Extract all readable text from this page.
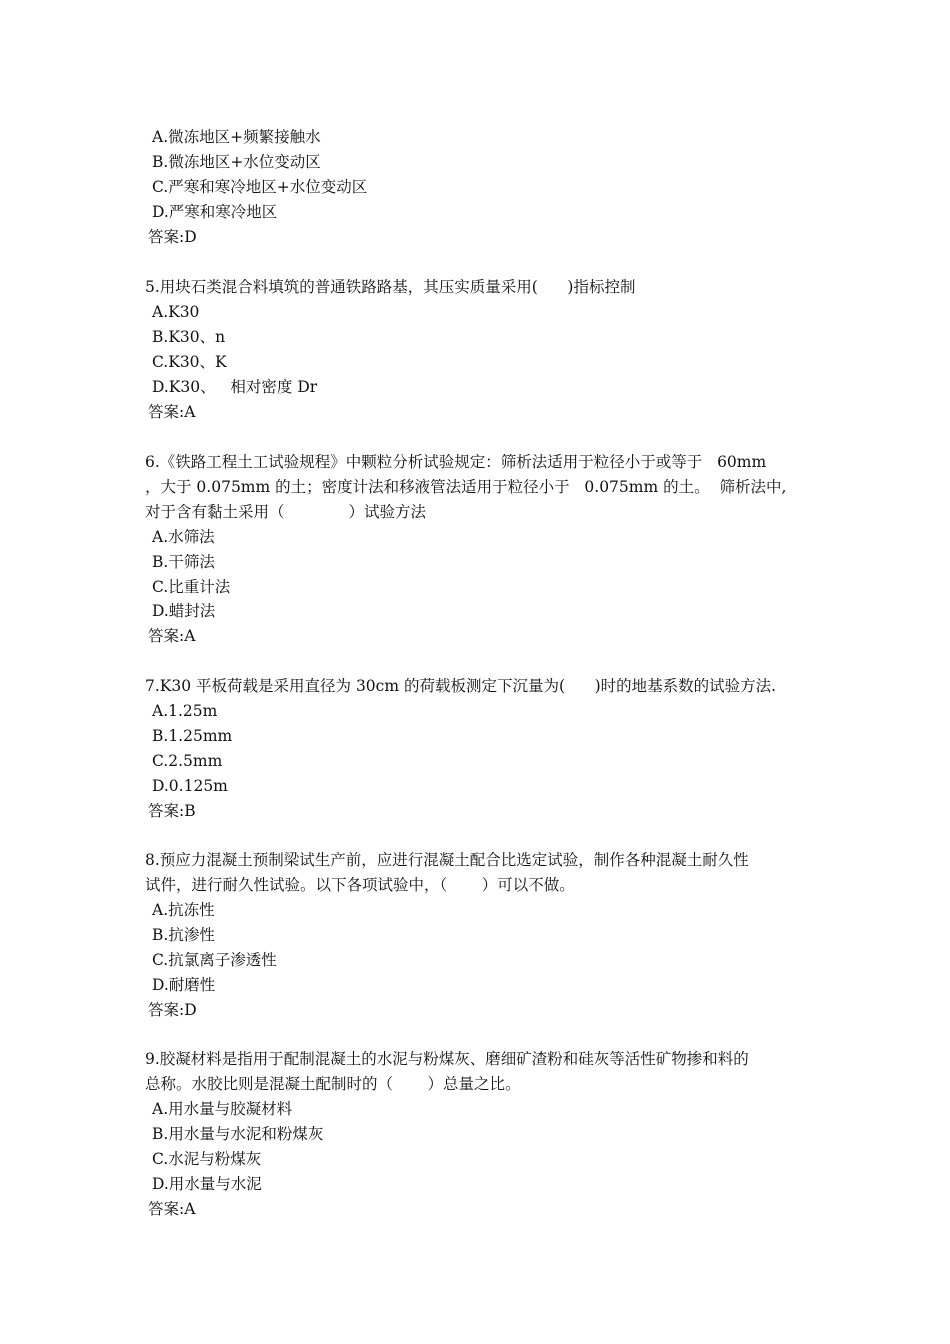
A.微冻地区+频繁接触水
B.微冻地区+水位变动区
C.严寒和寒冷地区+水位变动区
D.严寒和寒冷地区
答案:D
5.用块石类混合料填筑的普通铁路路基，其压实质量采用(      )指标控制
A.K30
B.K30、n
C.K30、K
D.K30、   相对密度 Dr
答案:A
6.《铁路工程土工试验规程》中颗粒分析试验规定：筛析法适用于粒径小于或等于   60mm
，大于 0.075mm 的土；密度计法和移液管法适用于粒径小于   0.075mm 的土。  筛析法中,
对于含有黏土采用（             ）试验方法
A.水筛法
B.干筛法
C.比重计法
D.蜡封法
答案:A
7.K30 平板荷载是采用直径为 30cm 的荷载板测定下沉量为(      )时的地基系数的试验方法.
A.1.25m
B.1.25mm
C.2.5mm
D.0.125m
答案:B
8.预应力混凝土预制梁试生产前，应进行混凝土配合比选定试验，制作各种混凝土耐久性
试件，进行耐久性试验。以下各项试验中，（       ）可以不做。
A.抗冻性
B.抗渗性
C.抗氯离子渗透性
D.耐磨性
答案:D
9.胶凝材料是指用于配制混凝土的水泥与粉煤灰、磨细矿渣粉和硅灰等活性矿物掺和料的
总称。水胶比则是混凝土配制时的（       ）总量之比。
A.用水量与胶凝材料
B.用水量与水泥和粉煤灰
C.水泥与粉煤灰
D.用水量与水泥
答案:A
